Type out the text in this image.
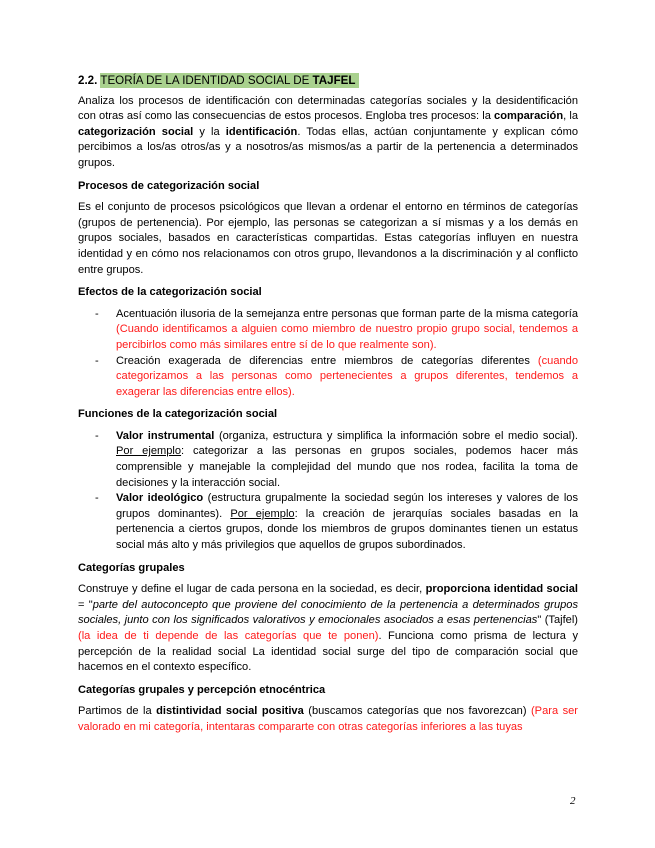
2.2. TEORÍA DE LA IDENTIDAD SOCIAL DE TAJFEL

Analiza los procesos de identificación con determinadas categorías sociales y la desidentificación con otras así como las consecuencias de estos procesos. Engloba tres procesos: la comparación, la categorización social y la identificación. Todas ellas, actúan conjuntamente y explican cómo percibimos a los/as otros/as y a nosotros/as mismos/as a partir de la pertenencia a determinados grupos.

Procesos de categorización social

Es el conjunto de procesos psicológicos que llevan a ordenar el entorno en términos de categorías (grupos de pertenencia). Por ejemplo, las personas se categorizan a sí mismas y a los demás en grupos sociales, basados en características compartidas. Estas categorías influyen en nuestra identidad y en cómo nos relacionamos con otros grupo, llevandonos a la discriminación y al conflicto entre grupos.

Efectos de la categorización social
- Acentuación ilusoria de la semejanza entre personas que forman parte de la misma categoría (Cuando identificamos a alguien como miembro de nuestro propio grupo social, tendemos a percibirlos como más similares entre sí de lo que realmente son).
- Creación exagerada de diferencias entre miembros de categorías diferentes (cuando categorizamos a las personas como pertenecientes a grupos diferentes, tendemos a exagerar las diferencias entre ellos).
Funciones de la categorización social
- Valor instrumental (organiza, estructura y simplifica la información sobre el medio social). Por ejemplo: categorizar a las personas en grupos sociales, podemos hacer más comprensible y manejable la complejidad del mundo que nos rodea, facilita la toma de decisiones y la interacción social.
- Valor ideológico (estructura grupalmente la sociedad según los intereses y valores de los grupos dominantes). Por ejemplo: la creación de jerarquías sociales basadas en la pertenencia a ciertos grupos, donde los miembros de grupos dominantes tienen un estatus social más alto y más privilegios que aquellos de grupos subordinados.
Categorías grupales

Construye y define el lugar de cada persona en la sociedad, es decir, proporciona identidad social = "parte del autoconcepto que proviene del conocimiento de la pertenencia a determinados grupos sociales, junto con los significados valorativos y emocionales asociados a esas pertenencias" (Tajfel) (la idea de ti depende de las categorías que te ponen). Funciona como prisma de lectura y percepción de la realidad social La identidad social surge del tipo de comparación social que hacemos en el contexto específico.

Categorías grupales y percepción etnocéntrica

Partimos de la distintividad social positiva (buscamos categorías que nos favorezcan) (Para ser valorado en mi categoría, intentaras compararte con otras categorías inferiores a las tuyas

2
